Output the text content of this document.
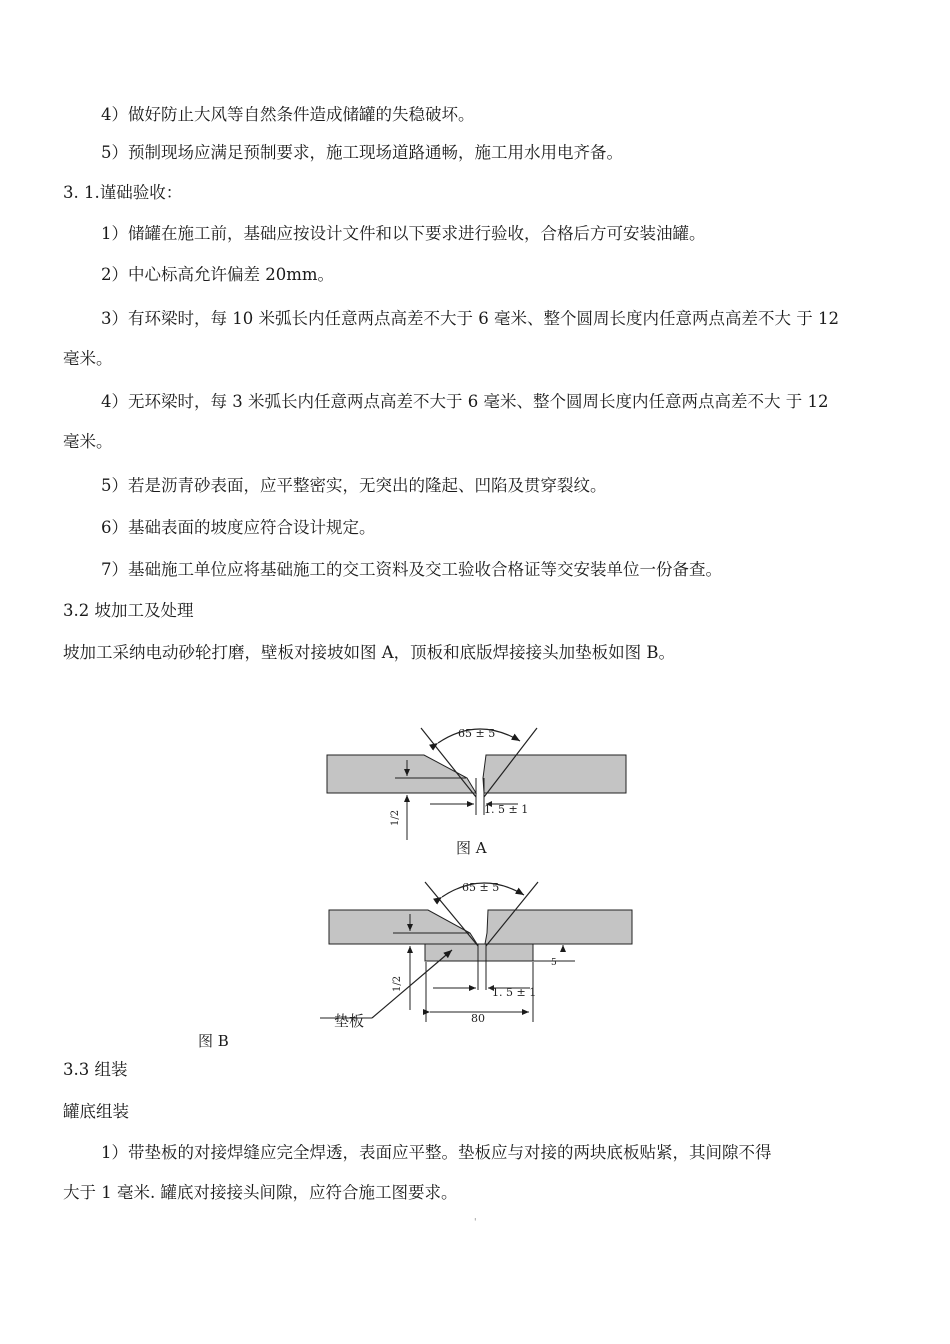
4）做好防止大风等自然条件造成储罐的失稳破坏。
5）预制现场应满足预制要求，施工现场道路通畅，施工用水用电齐备。
3. 1.谨础验收：
1）储罐在施工前，基础应按设计文件和以下要求进行验收，合格后方可安装油罐。
2）中心标高允许偏差 20mm。
3）有环梁时，每 10 米弧长内任意两点高差不大于 6 毫米、整个圆周长度内任意两点高差不大 于 12
毫米。
4）无环梁时，每 3 米弧长内任意两点高差不大于 6 毫米、整个圆周长度内任意两点高差不大 于 12
毫米。
5）若是沥青砂表面，应平整密实，无突出的隆起、凹陷及贯穿裂纹。
6）基础表面的坡度应符合设计规定。
7）基础施工单位应将基础施工的交工资料及交工验收合格证等交安装单位一份备查。
3.2 坡加工及处理
坡加工采纳电动砂轮打磨，壁板对接坡如图 A，顶板和底版焊接接头加垫板如图 B。
65 ± 5
1/2
1. 5 ± 1
65 ± 5
1/2
1. 5 ± 1
5
80
垫板
图 A
图 B
3.3 组装
罐底组装
1）带垫板的对接焊缝应完全焊透，表面应平整。垫板应与对接的两块底板贴紧，其间隙不得
大于 1 毫米. 罐底对接接头间隙，应符合施工图要求。
'
